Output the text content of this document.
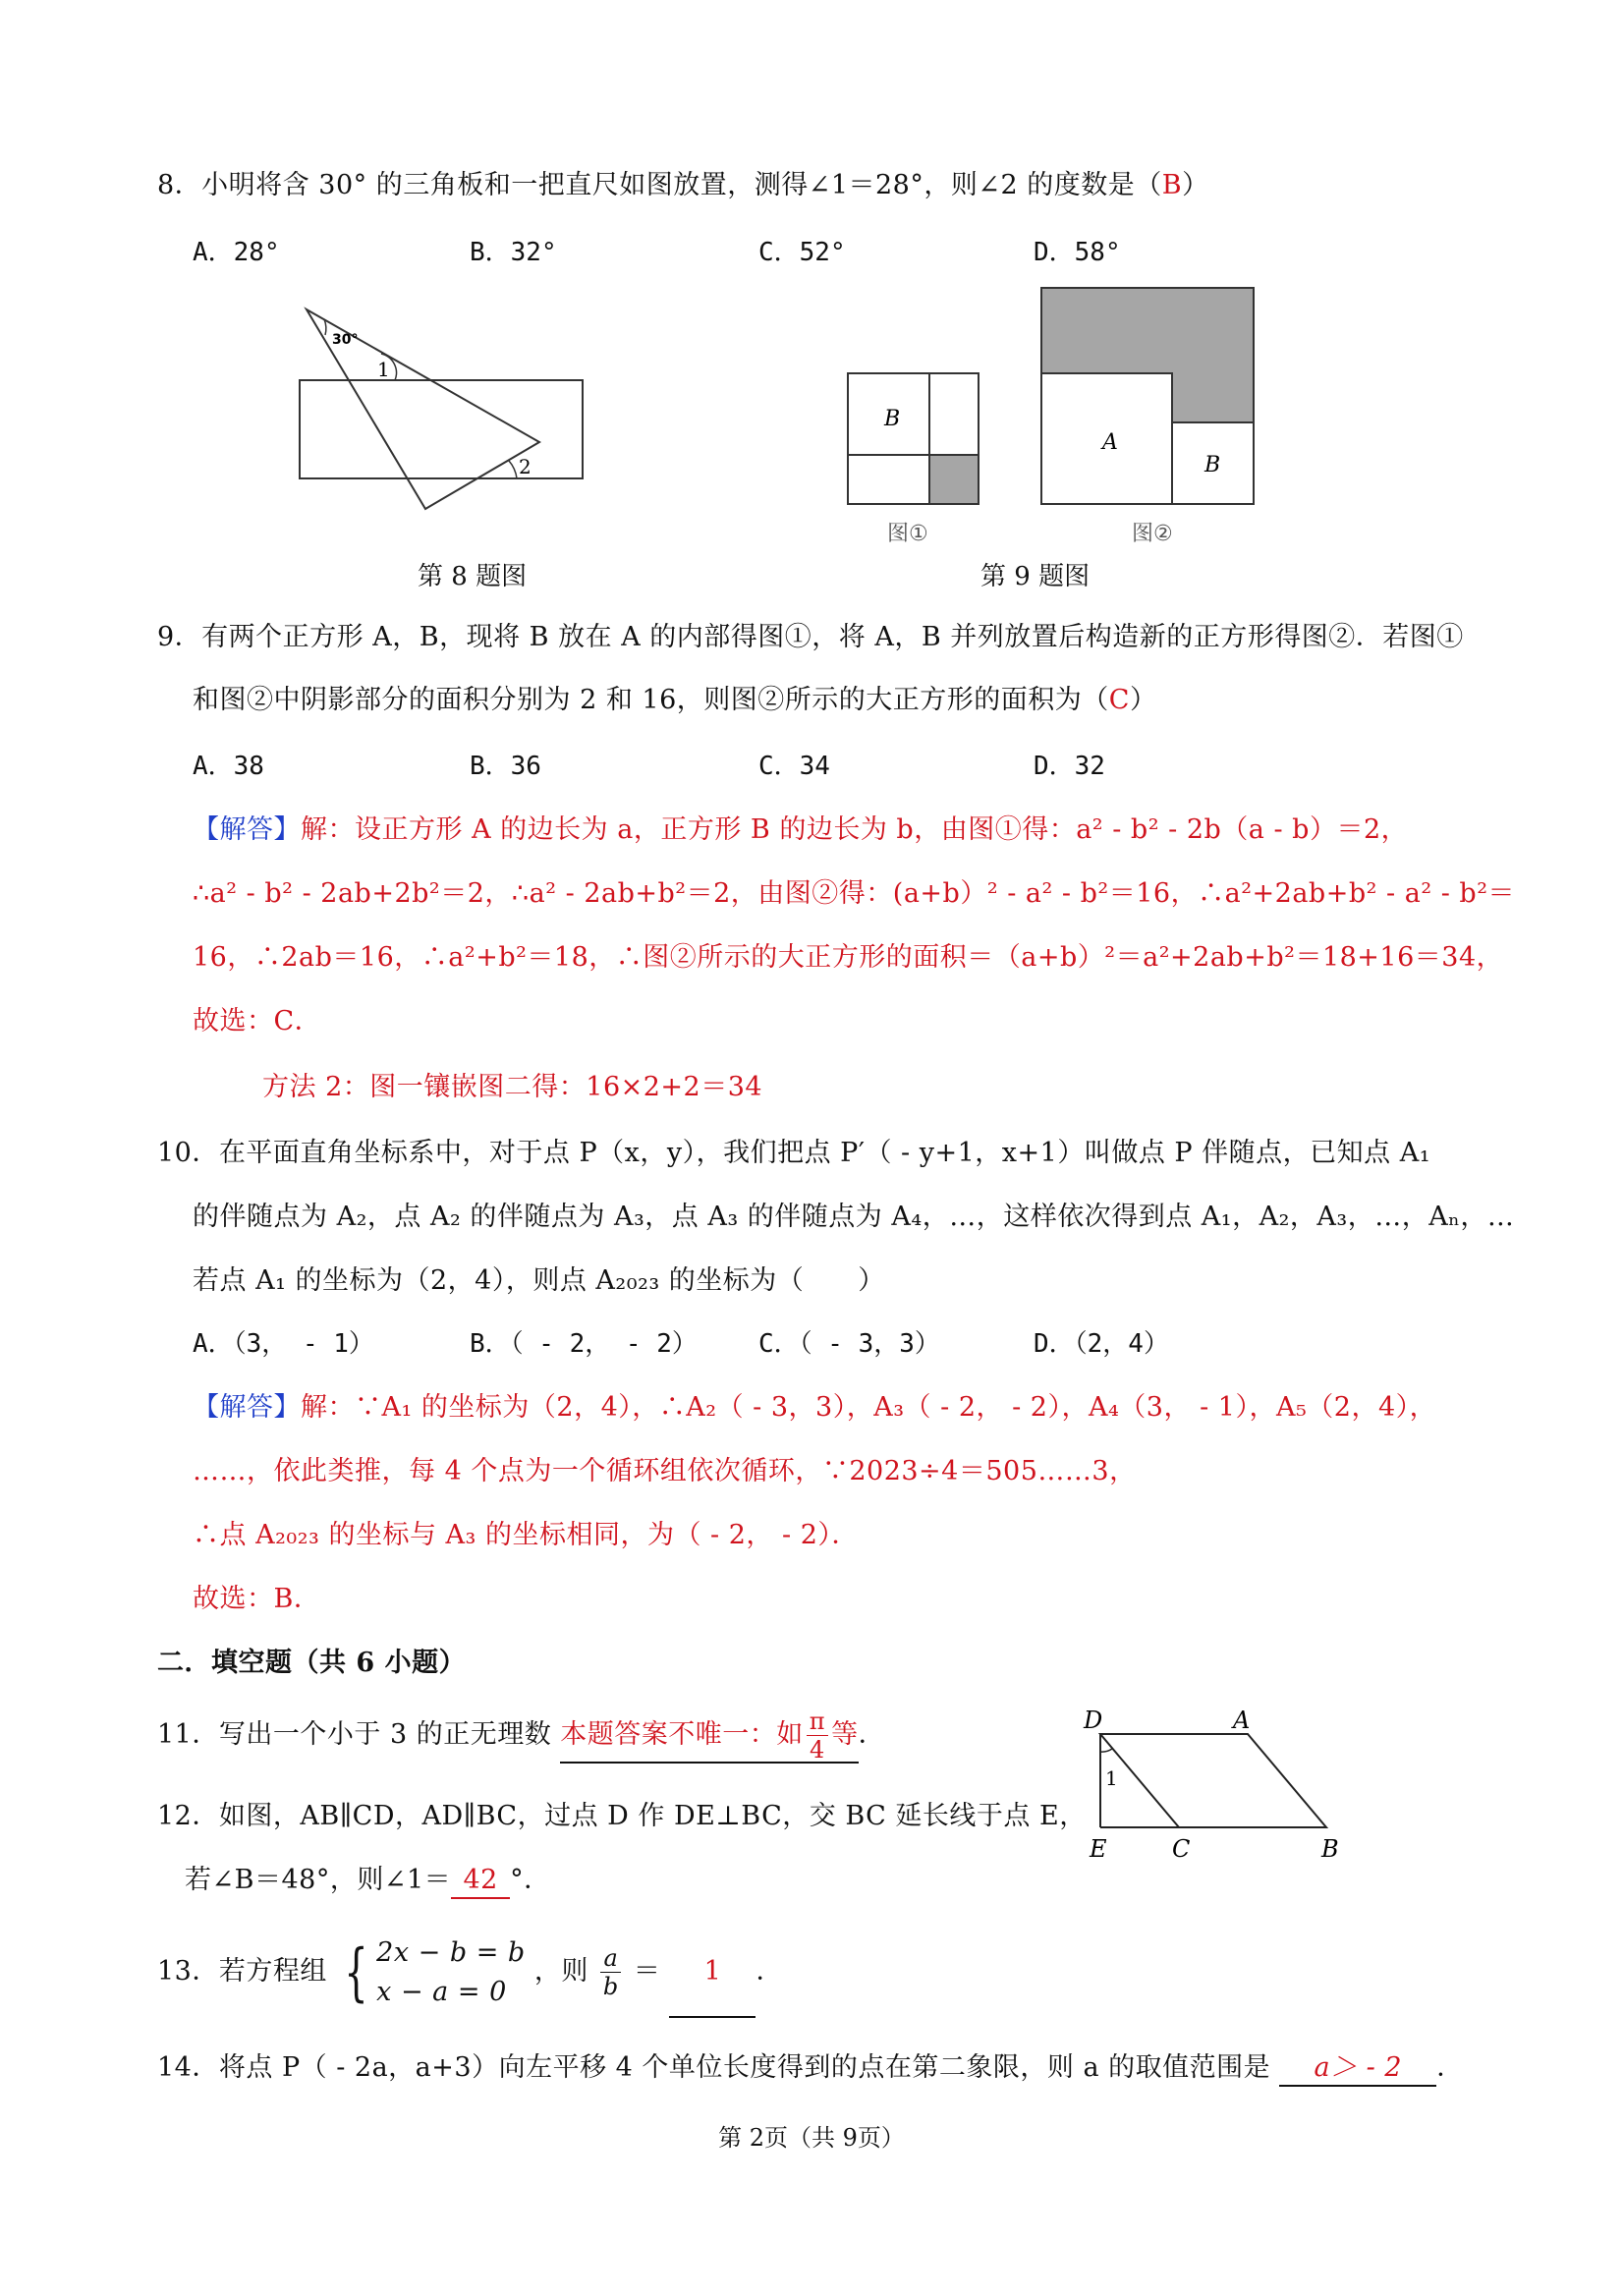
8．小明将含 30° 的三角板和一把直尺如图放置，测得∠1＝28°，则∠2 的度数是（B）
A．28°	B．32°	C．52°	D．58°
30°
1
2
第 8 题图
B
A
B
图①	图②
第 9 题图
9．有两个正方形 A，B，现将 B 放在 A 的内部得图①，将 A，B 并列放置后构造新的正方形得图②．若图①
和图②中阴影部分的面积分别为 2 和 16，则图②所示的大正方形的面积为（C）
A．38	B．36	C．34	D．32
【解答】解：设正方形 A 的边长为 a，正方形 B 的边长为 b，由图①得：a² - b² - 2b（a - b）＝2，
∴a² - b² - 2ab+2b²＝2，∴a² - 2ab+b²＝2，由图②得：(a+b）² - a² - b²＝16，∴a²+2ab+b² - a² - b²＝
16，∴2ab＝16，∴a²+b²＝18，∴图②所示的大正方形的面积＝（a+b）²＝a²+2ab+b²＝18+16＝34，
故选：C．
方法 2：图一镶嵌图二得：16×2+2＝34
10．在平面直角坐标系中，对于点 P（x，y），我们把点 P′（ - y+1，x+1）叫做点 P 伴随点，已知点 A₁
的伴随点为 A₂，点 A₂ 的伴随点为 A₃，点 A₃ 的伴随点为 A₄，…，这样依次得到点 A₁，A₂，A₃，…，Aₙ，…
若点 A₁ 的坐标为（2，4），则点 A₂₀₂₃ 的坐标为（　　）
A．（3， - 1）	B．（ - 2， - 2） C．（ - 3，3）	D．（2，4）
【解答】解：∵A₁ 的坐标为（2，4），∴A₂（ - 3，3），A₃（ - 2， - 2），A₄（3， - 1），A₅（2，4），
……，依此类推，每 4 个点为一个循环组依次循环，∵2023÷4＝505……3，
∴点 A₂₀₂₃ 的坐标与 A₃ 的坐标相同，为（ - 2， - 2）．
故选：B．
二．填空题（共 6 小题）
11．写出一个小于 3 的正无理数 本题答案不唯一：如 $\frac{\pi}{4}$ 等．
1
D	A
E	C	B
12．如图，AB∥CD，AD∥BC，过点 D 作 DE⊥BC，交 BC 延长线于点 E，
若∠B＝48°，则∠1＝ 42 °．
13．若方程组 { 2x − b = b
x − a = 0
，则 $\frac{a}{b} = 1$ ．
14．将点 P（ - 2a，a+3）向左平移 4 个单位长度得到的点在第二象限，则 a 的取值范围是 a＞ - 2 ．
第 2页（共 9页）
